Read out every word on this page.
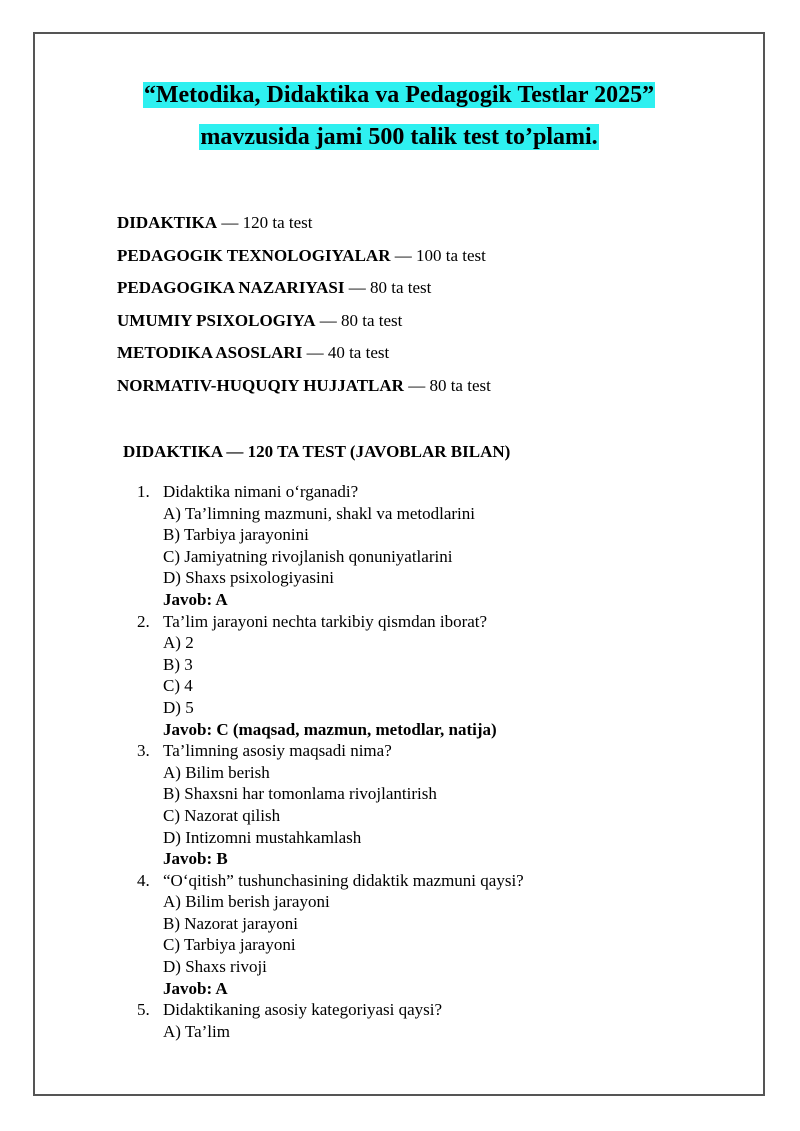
“Metodika, Didaktika va Pedagogik Testlar 2025”
mavzusida jami 500 talik test to’plami.
DIDAKTIKA — 120 ta test
PEDAGOGIK TEXNOLOGIYALAR — 100 ta test
PEDAGOGIKA NAZARIYASI — 80 ta test
UMUMIY PSIXOLOGIYA — 80 ta test
METODIKA ASOSLARI — 40 ta test
NORMATIV-HUQUQIY HUJJATLAR — 80 ta test
DIDAKTIKA — 120 TA TEST (JAVOBLAR BILAN)
1. Didaktika nimani o‘rganadi?
A) Ta’limning mazmuni, shakl va metodlarini
B) Tarbiya jarayonini
C) Jamiyatning rivojlanish qonuniyatlarini
D) Shaxs psixologiyasini
Javob: A
2. Ta’lim jarayoni nechta tarkibiy qismdan iborat?
A) 2
B) 3
C) 4
D) 5
Javob: C (maqsad, mazmun, metodlar, natija)
3. Ta’limning asosiy maqsadi nima?
A) Bilim berish
B) Shaxsni har tomonlama rivojlantirish
C) Nazorat qilish
D) Intizomni mustahkamlash
Javob: B
4. “O‘qitish” tushunchasining didaktik mazmuni qaysi?
A) Bilim berish jarayoni
B) Nazorat jarayoni
C) Tarbiya jarayoni
D) Shaxs rivoji
Javob: A
5. Didaktikaning asosiy kategoriyasi qaysi?
A) Ta’lim
